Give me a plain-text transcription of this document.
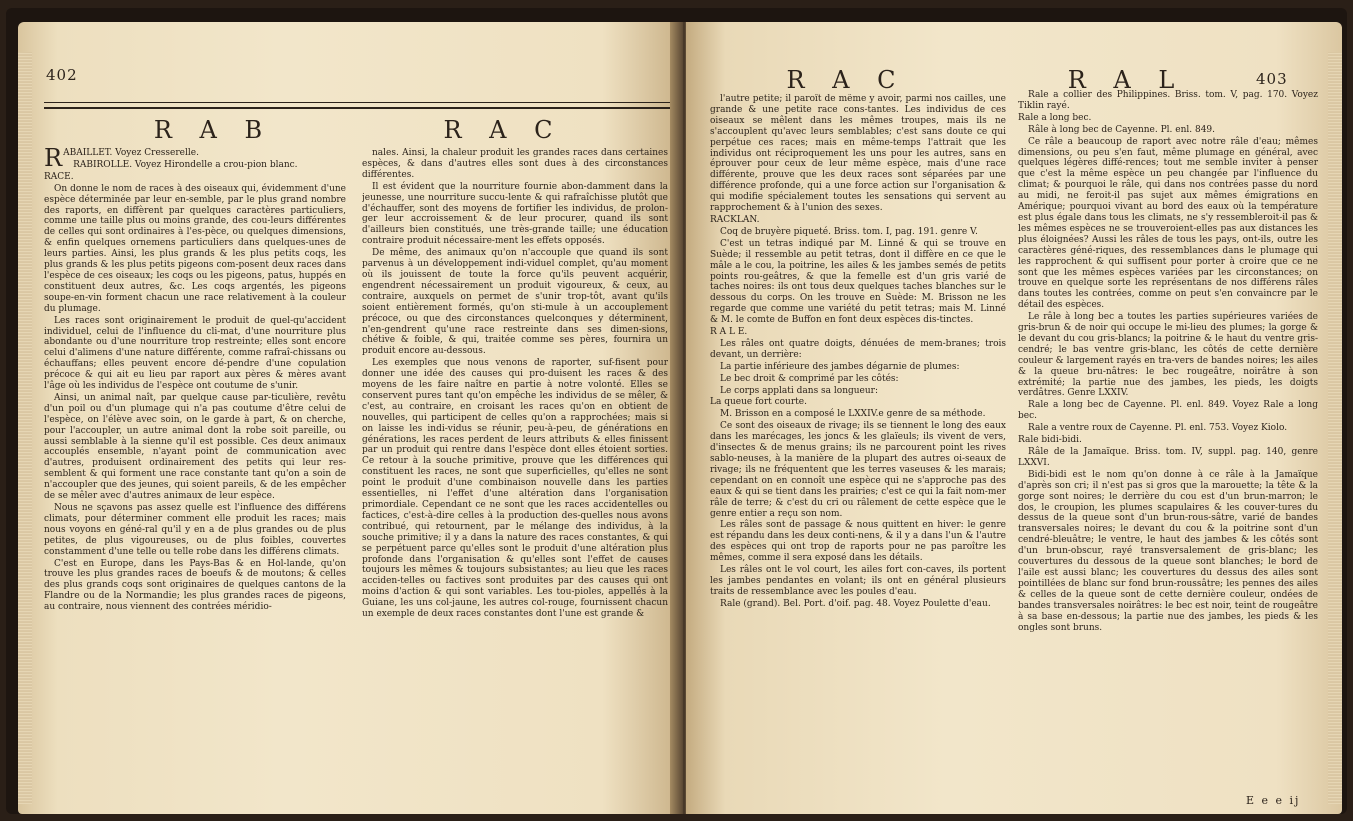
402
R A B	R A C

RABAILLET. Voyez Cresserelle.

RABIROLLE. Voyez Hirondelle a crou-pion blanc.

RACE.

On donne le nom de races à des oiseaux qui, évidemment d'une espèce déterminée par leur en-semble, par le plus grand nombre des raports, en diffèrent par quelques caractères particuliers, comme une taille plus ou moins grande, des cou-leurs différentes de celles qui sont ordinaires à l'es-pèce, ou quelques dimensions, & enfin quelques ornemens particuliers dans quelques-unes de leurs parties. Ainsi, les plus grands & les plus petits coqs, les plus grands & les plus petits pigeons com-posent deux races dans l'espèce de ces oiseaux; les coqs ou les pigeons, patus, huppés en constituent deux autres, &c. Les coqs argentés, les pigeons soupe-en-vin forment chacun une race relativement à la couleur du plumage.

Les races sont originairement le produit de quel-qu'accident individuel, celui de l'influence du cli-mat, d'une nourriture plus abondante ou d'une nourriture trop restreinte; elles sont encore celui d'alimens d'une nature différente, comme rafraî-chissans ou échauffans; elles peuvent encore dé-pendre d'une copulation précoce & qui ait eu lieu par raport aux pères & mères avant l'âge où les individus de l'espèce ont coutume de s'unir.

Ainsi, un animal naît, par quelque cause par-ticulière, revêtu d'un poil ou d'un plumage qui n'a pas coutume d'être celui de l'espèce, on l'élève avec soin, on le garde à part, & on cherche, pour l'accoupler, un autre animal dont la robe soit pareille, ou aussi semblable à la sienne qu'il est possible. Ces deux animaux accouplés ensemble, n'ayant point de communication avec d'autres, produisent ordinairement des petits qui leur res-semblent & qui forment une race constante tant qu'on a soin de n'accoupler que des jeunes, qui soient pareils, & de les empêcher de se mêler avec d'autres animaux de leur espèce.

Nous ne sçavons pas assez quelle est l'influence des différens climats, pour déterminer comment elle produit les races; mais nous voyons en géné-ral qu'il y en a de plus grandes ou de plus petites, de plus vigoureuses, ou de plus foibles, couvertes constamment d'une telle ou telle robe dans les différens climats.

C'est en Europe, dans les Pays-Bas & en Hol-lande, qu'on trouve les plus grandes races de boeufs & de moutons; & celles des plus grands coqs sont originaires de quelques cantons de la Flandre ou de la Normandie; les plus grandes races de pigeons, au contraire, nous viennent des contrées méridio-

nales. Ainsi, la chaleur produit les grandes races dans certaines espèces, & dans d'autres elles sont dues à des circonstances différentes.

Il est évident que la nourriture fournie abon-damment dans la jeunesse, une nourriture succu-lente & qui rafraîchisse plutôt que d'échauffer, sont des moyens de fortifier les individus, de prolon-ger leur accroissement & de leur procurer, quand ils sont d'ailleurs bien constitués, une très-grande taille; une éducation contraire produit nécessaire-ment les effets opposés.

De même, des animaux qu'on n'accouple que quand ils sont parvenus à un développement indi-viduel complet, qu'au moment où ils jouissent de toute la force qu'ils peuvent acquérir, engendrent nécessairement un produit vigoureux, & ceux, au contraire, auxquels on permet de s'unir trop-tôt, avant qu'ils soient entièrement formés, qu'on sti-mule à un accouplement précoce, ou que des circonstances quelconques y déterminent, n'en-gendrent qu'une race restreinte dans ses dimen-sions, chétive & foible, & qui, traitée comme ses pères, fournira un produit encore au-dessous.

Les exemples que nous venons de raporter, suf-fisent pour donner une idée des causes qui pro-duisent les races & des moyens de les faire naître en partie à notre volonté. Elles se conservent pures tant qu'on empêche les individus de se mêler, & c'est, au contraire, en croisant les races qu'on en obtient de nouvelles, qui participent de celles qu'on a rapprochées; mais si on laisse les indi-vidus se réunir, peu-à-peu, de générations en générations, les races perdent de leurs attributs & elles finissent par un produit qui rentre dans l'espèce dont elles étoient sorties. Ce retour à la souche primitive, prouve que les différences qui constituent les races, ne sont que superficielles, qu'elles ne sont point le produit d'une combinaison nouvelle dans les parties essentielles, ni l'effet d'une altération dans l'organisation primordiale. Cependant ce ne sont que les races accidentelles ou factices, c'est-à-dire celles à la production des-quelles nous avons contribué, qui retournent, par le mélange des individus, à la souche primitive; il y a dans la nature des races constantes, & qui se perpétuent parce qu'elles sont le produit d'une altération plus profonde dans l'organisation & qu'elles sont l'effet de causes toujours les mêmes & toujours subsistantes; au lieu que les races acciden-telles ou factives sont produites par des causes qui ont moins d'action & qui sont variables. Les tou-pioles, appellés à la Guiane, les uns col-jaune, les autres col-rouge, fournissent chacun un exemple de deux races constantes dont l'une est grande &

R A C	R A L	403

l'autre petite; il paroît de même y avoir, parmi nos cailles, une grande & une petite race cons-tantes. Les individus de ces oiseaux se mêlent dans les mêmes troupes, mais ils ne s'accouplent qu'avec leurs semblables; c'est sans doute ce qui perpétue ces races; mais en même-temps l'attrait que les individus ont réciproquement les uns pour les autres, sans en éprouver pour ceux de leur même espèce, mais d'une race différente, prouve que les deux races sont séparées par une différence profonde, qui a une force action sur l'organisation & qui modifie spécialement toutes les sensations qui servent au rapprochement & à l'union des sexes.

RACKLAN.

Coq de bruyère piqueté. Briss. tom. I, pag. 191. genre V.

C'est un tetras indiqué par M. Linné & qui se trouve en Suède; il ressemble au petit tetras, dont il diffère en ce que le mâle a le cou, la poitrine, les ailes & les jambes semés de petits points rou-geâtres, & que la femelle est d'un gris varié de taches noires: ils ont tous deux quelques taches blanches sur le dessous du corps. On les trouve en Suède: M. Brisson ne les regarde que comme une variété du petit tetras; mais M. Linné & M. le comte de Buffon en font deux espèces dis-tinctes.

R A L E.

Les râles ont quatre doigts, dénuées de mem-branes; trois devant, un derrière:

La partie inférieure des jambes dégarnie de plumes:

Le bec droit & comprimé par les côtés:

Le corps applati dans sa longueur:

La queue fort courte.

M. Brisson en a composé le LXXIV.e genre de sa méthode.

Ce sont des oiseaux de rivage; ils se tiennent le long des eaux dans les marécages, les joncs & les glaïeuls; ils vivent de vers, d'insectes & de menus grains; ils ne parcourent point les rives sablo-neuses, à la manière de la plupart des autres oi-seaux de rivage; ils ne fréquentent que les terres vaseuses & les marais; cependant on en connoît une espèce qui ne s'approche pas des eaux & qui se tient dans les prairies; c'est ce qui la fait nom-mer râle de terre; & c'est du cri ou râlement de cette espèce que le genre entier a reçu son nom.

Les râles sont de passage & nous quittent en hiver: le genre est répandu dans les deux conti-nens, & il y a dans l'un & l'autre des espèces qui ont trop de raports pour ne pas paroître les mêmes, comme il sera exposé dans les détails.

Les râles ont le vol court, les ailes fort con-caves, ils portent les jambes pendantes en volant; ils ont en général plusieurs traits de ressemblance avec les poules d'eau.

Rale (grand). Bel. Port. d'oif. pag. 48. Voyez Poulette d'eau.

Rale a collier des Philippines. Briss. tom. V, pag. 170. Voyez Tiklin rayé.

Rale a long bec.

Râle à long bec de Cayenne. Pl. enl. 849.

Ce râle a beaucoup de raport avec notre râle d'eau; mêmes dimensions, ou peu s'en faut, même plumage en général, avec quelques légères diffé-rences; tout me semble inviter à penser que c'est la même espèce un peu changée par l'influence du climat; & pourquoi le râle, qui dans nos contrées passe du nord au midi, ne feroit-il pas sujet aux mêmes émigrations en Amérique; pourquoi vivant au bord des eaux où la température est plus égale dans tous les climats, ne s'y ressembleroit-il pas & les mêmes espèces ne se trouveroient-elles pas aux distances les plus éloignées? Aussi les râles de tous les pays, ont-ils, outre les caractères géné-riques, des ressemblances dans le plumage qui les rapprochent & qui suffisent pour porter à croire que ce ne sont que les mêmes espèces variées par les circonstances; on trouve en quelque sorte les représentans de nos différens râles dans toutes les contrées, comme on peut s'en convaincre par le détail des espèces.

Le râle à long bec a toutes les parties supérieures variées de gris-brun & de noir qui occupe le mi-lieu des plumes; la gorge & le devant du cou gris-blancs; la poitrine & le haut du ventre gris-cendré; le bas ventre gris-blanc, les côtés de cette dernière couleur & largement rayés en tra-vers de bandes noires; les ailes & la queue bru-nâtres: le bec rougeâtre, noirâtre à son extrémité; la partie nue des jambes, les pieds, les doigts verdâtres. Genre LXXIV.

Rale a long bec de Cayenne. Pl. enl. 849. Voyez Rale a long bec.

Rale a ventre roux de Cayenne. Pl. enl. 753. Voyez Kiolo.

Rale bidi-bidi.

Râle de la Jamaïque. Briss. tom. IV, suppl. pag. 140, genre LXXVI.

Bidi-bidi est le nom qu'on donne à ce râle à la Jamaïque d'après son cri; il n'est pas si gros que la marouette; la tête & la gorge sont noires; le derrière du cou est d'un brun-marron; le dos, le croupion, les plumes scapulaires & les couver-tures du dessus de la queue sont d'un brun-rous-sâtre, varié de bandes transversales noires; le devant du cou & la poitrine sont d'un cendré-bleuâtre; le ventre, le haut des jambes & les côtés sont d'un brun-obscur, rayé transversalement de gris-blanc; les couvertures du dessous de la queue sont blanches; le bord de l'aile est aussi blanc; les couvertures du dessus des ailes sont pointillées de blanc sur fond brun-roussâtre; les pennes des ailes & celles de la queue sont de cette dernière couleur, ondées de bandes transversales noirâtres: le bec est noir, teint de rougeâtre à sa base en-dessous; la partie nue des jambes, les pieds & les ongles sont bruns.

E e e ij
